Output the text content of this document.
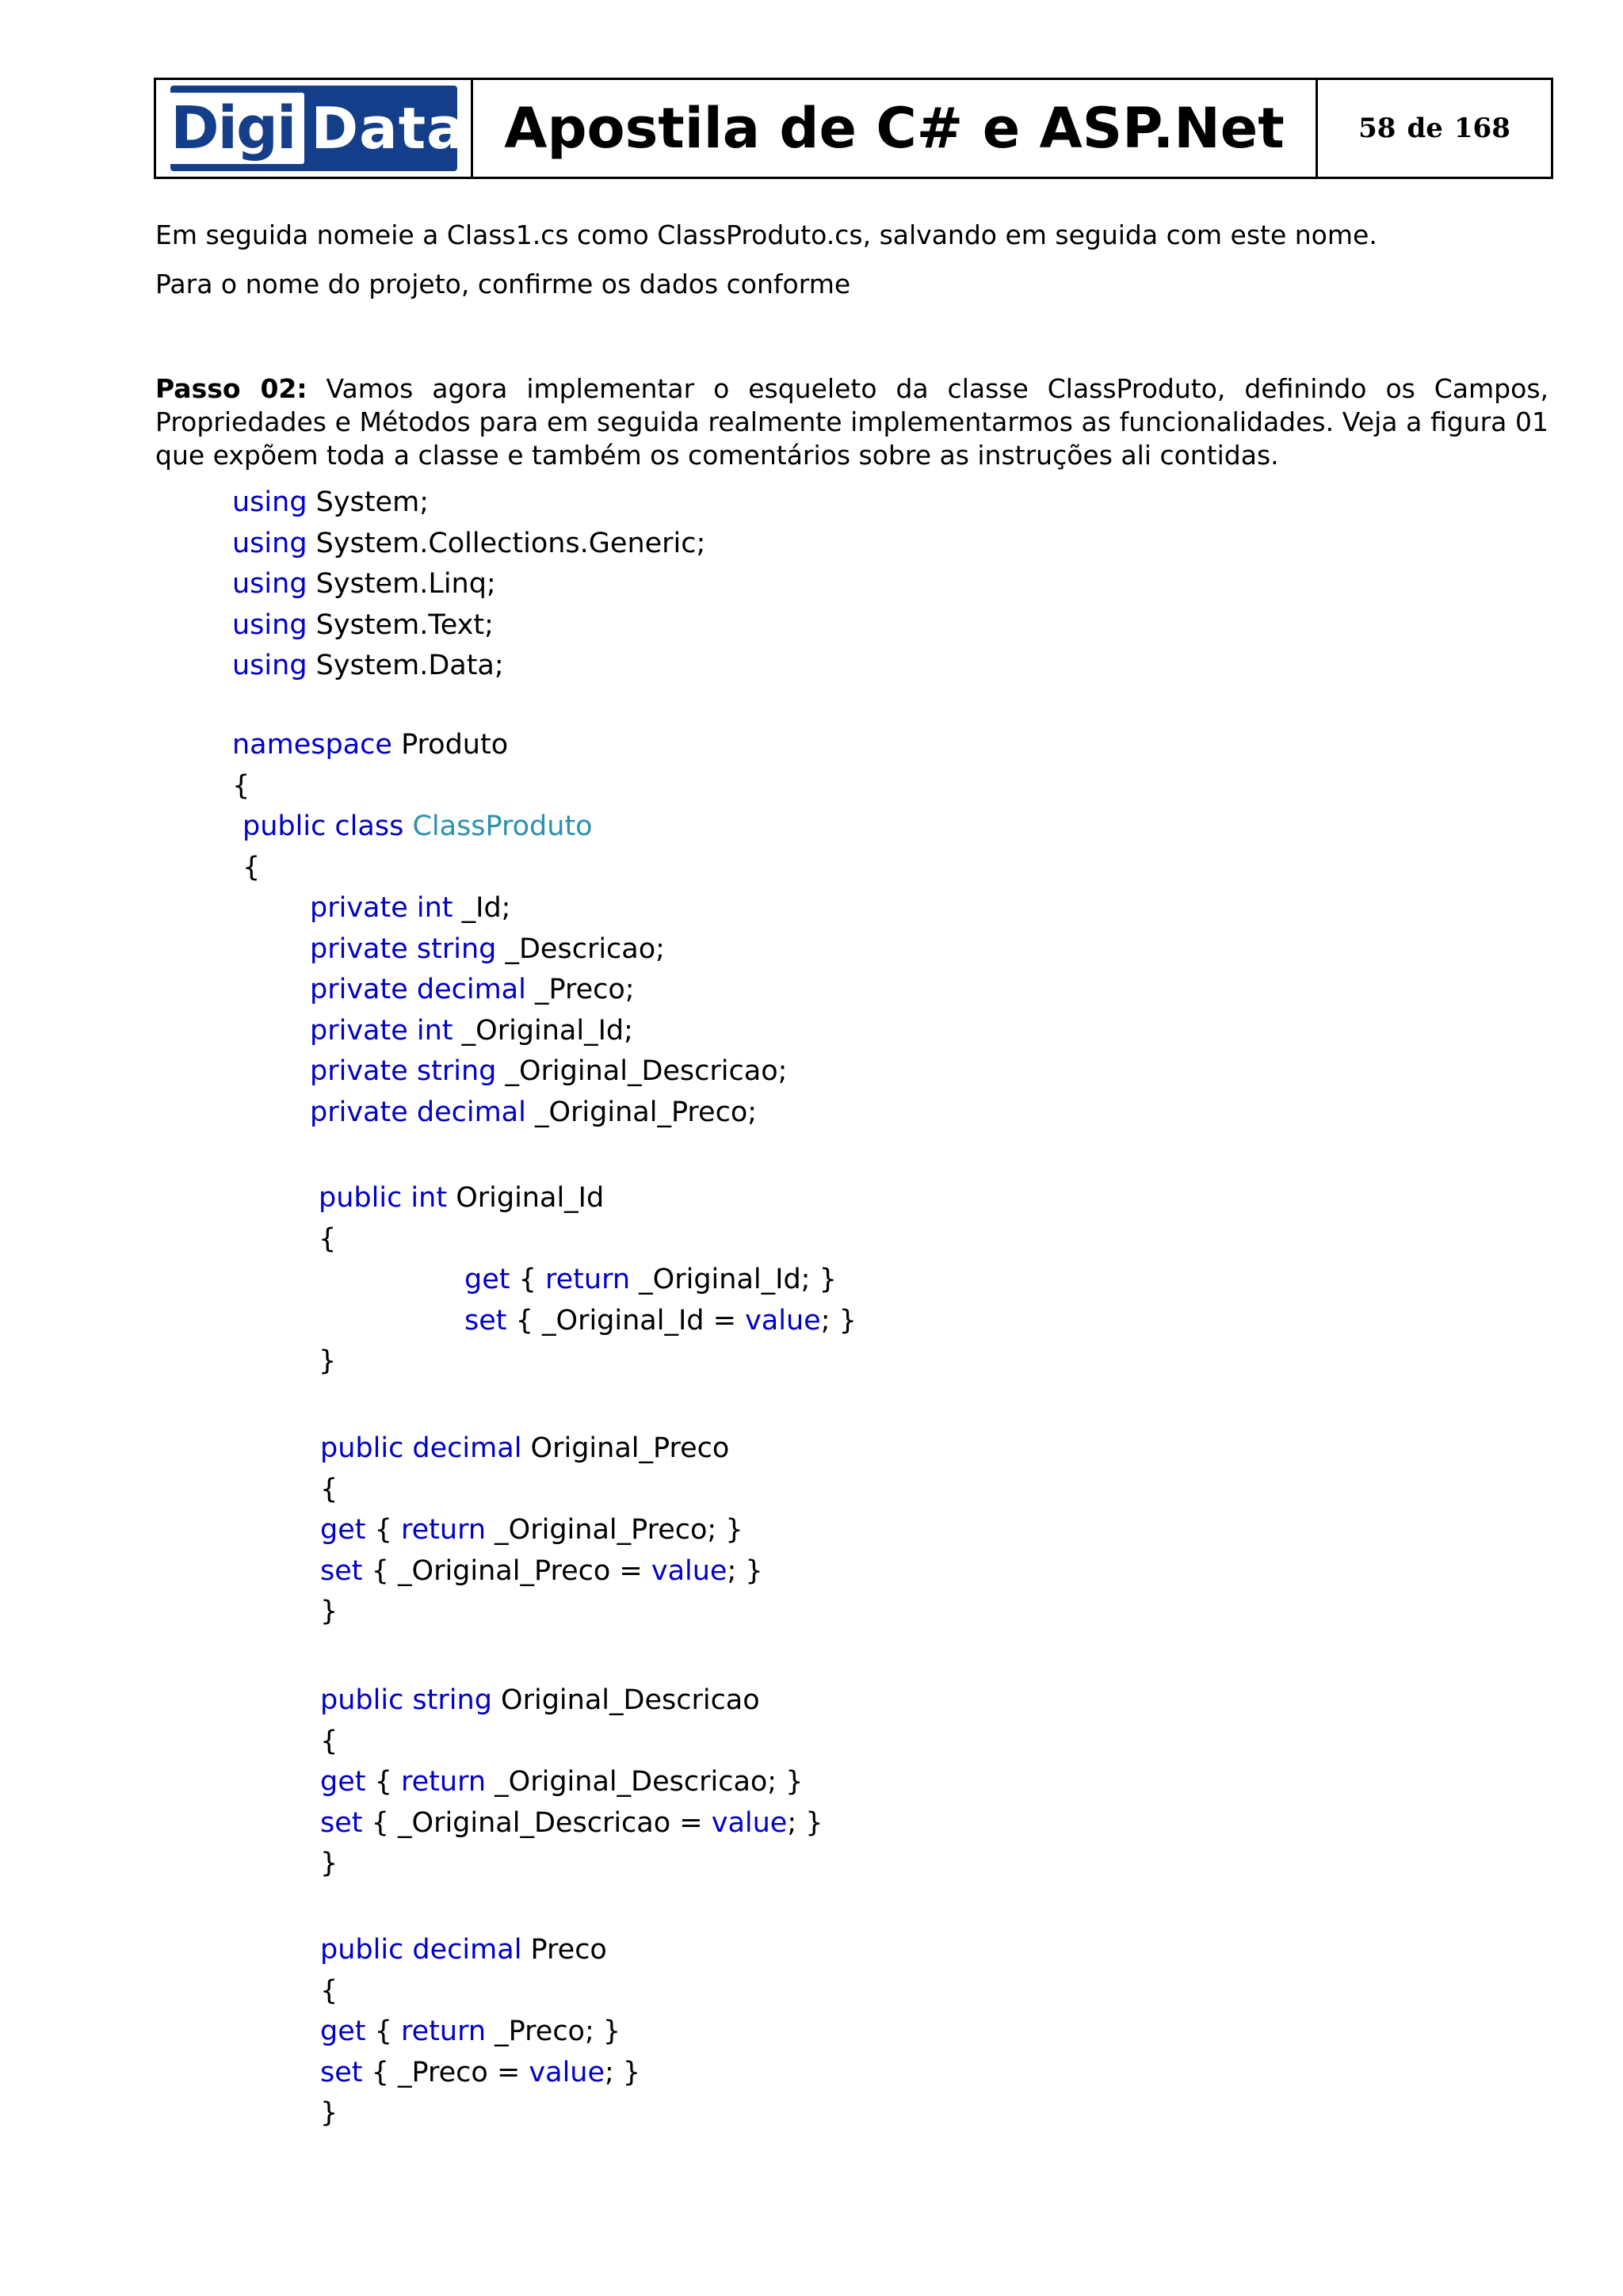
Digi Data Apostila de C# e ASP.Net	58 de 168

Em seguida nomeie a Class1.cs como ClassProduto.cs, salvando em seguida com este nome.

Para o nome do projeto, confirme os dados conforme

Passo 02: Vamos agora implementar o esqueleto da classe ClassProduto, definindo os Campos, Propriedades e Métodos para em seguida realmente implementarmos as funcionalidades. Veja a figura 01 que expõem toda a classe e também os comentários sobre as instruções ali contidas.

using System;
using System.Collections.Generic;
using System.Linq;
using System.Text;
using System.Data;
namespace Produto
{
public class ClassProduto
{
private int _Id;
private string _Descricao;
private decimal _Preco;
private int _Original_Id;
private string _Original_Descricao;
private decimal _Original_Preco;
public int Original_Id
{
get { return _Original_Id; }
set { _Original_Id = value; }
}
public decimal Original_Preco
{
get { return _Original_Preco; }
set { _Original_Preco = value; }
}
public string Original_Descricao
{
get { return _Original_Descricao; }
set { _Original_Descricao = value; }
}
public decimal Preco
{
get { return _Preco; }
set { _Preco = value; }
}
